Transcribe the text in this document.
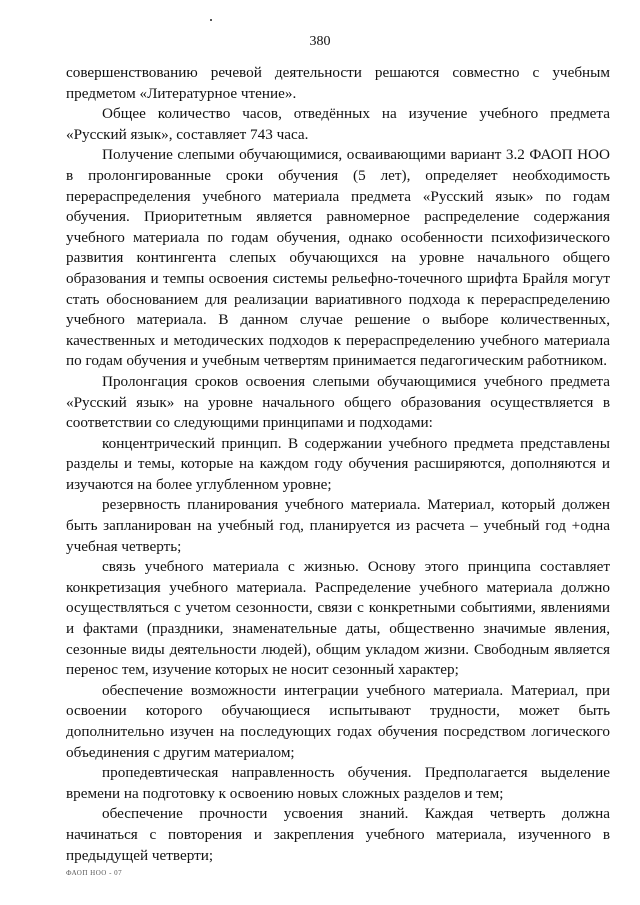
380

совершенствованию речевой деятельности решаются совместно с учебным предметом «Литературное чтение».

Общее количество часов, отведённых на изучение учебного предмета «Русский язык», составляет 743 часа.

Получение слепыми обучающимися, осваивающими вариант 3.2 ФАОП НОО в пролонгированные сроки обучения (5 лет), определяет необходимость перераспределения учебного материала предмета «Русский язык» по годам обучения. Приоритетным является равномерное распределение содержания учебного материала по годам обучения, однако особенности психофизического развития контингента слепых обучающихся на уровне начального общего образования и темпы освоения системы рельефно-точечного шрифта Брайля могут стать обоснованием для реализации вариативного подхода к перераспределению учебного материала. В данном случае решение о выборе количественных, качественных и методических подходов к перераспределению учебного материала по годам обучения и учебным четвертям принимается педагогическим работником.

Пролонгация сроков освоения слепыми обучающимися учебного предмета «Русский язык» на уровне начального общего образования осуществляется в соответствии со следующими принципами и подходами:

концентрический принцип. В содержании учебного предмета представлены разделы и темы, которые на каждом году обучения расширяются, дополняются и изучаются на более углубленном уровне;

резервность планирования учебного материала. Материал, который должен быть запланирован на учебный год, планируется из расчета – учебный год +одна учебная четверть;

связь учебного материала с жизнью. Основу этого принципа составляет конкретизация учебного материала. Распределение учебного материала должно осуществляться с учетом сезонности, связи с конкретными событиями, явлениями и фактами (праздники, знаменательные даты, общественно значимые явления, сезонные виды деятельности людей), общим укладом жизни. Свободным является перенос тем, изучение которых не носит сезонный характер;

обеспечение возможности интеграции учебного материала. Материал, при освоении которого обучающиеся испытывают трудности, может быть дополнительно изучен на последующих годах обучения посредством логического объединения с другим материалом;

пропедевтическая направленность обучения. Предполагается выделение времени на подготовку к освоению новых сложных разделов и тем;

обеспечение прочности усвоения знаний. Каждая четверть должна начинаться с повторения и закрепления учебного материала, изученного в предыдущей четверти;

ФАОП НОО - 07
